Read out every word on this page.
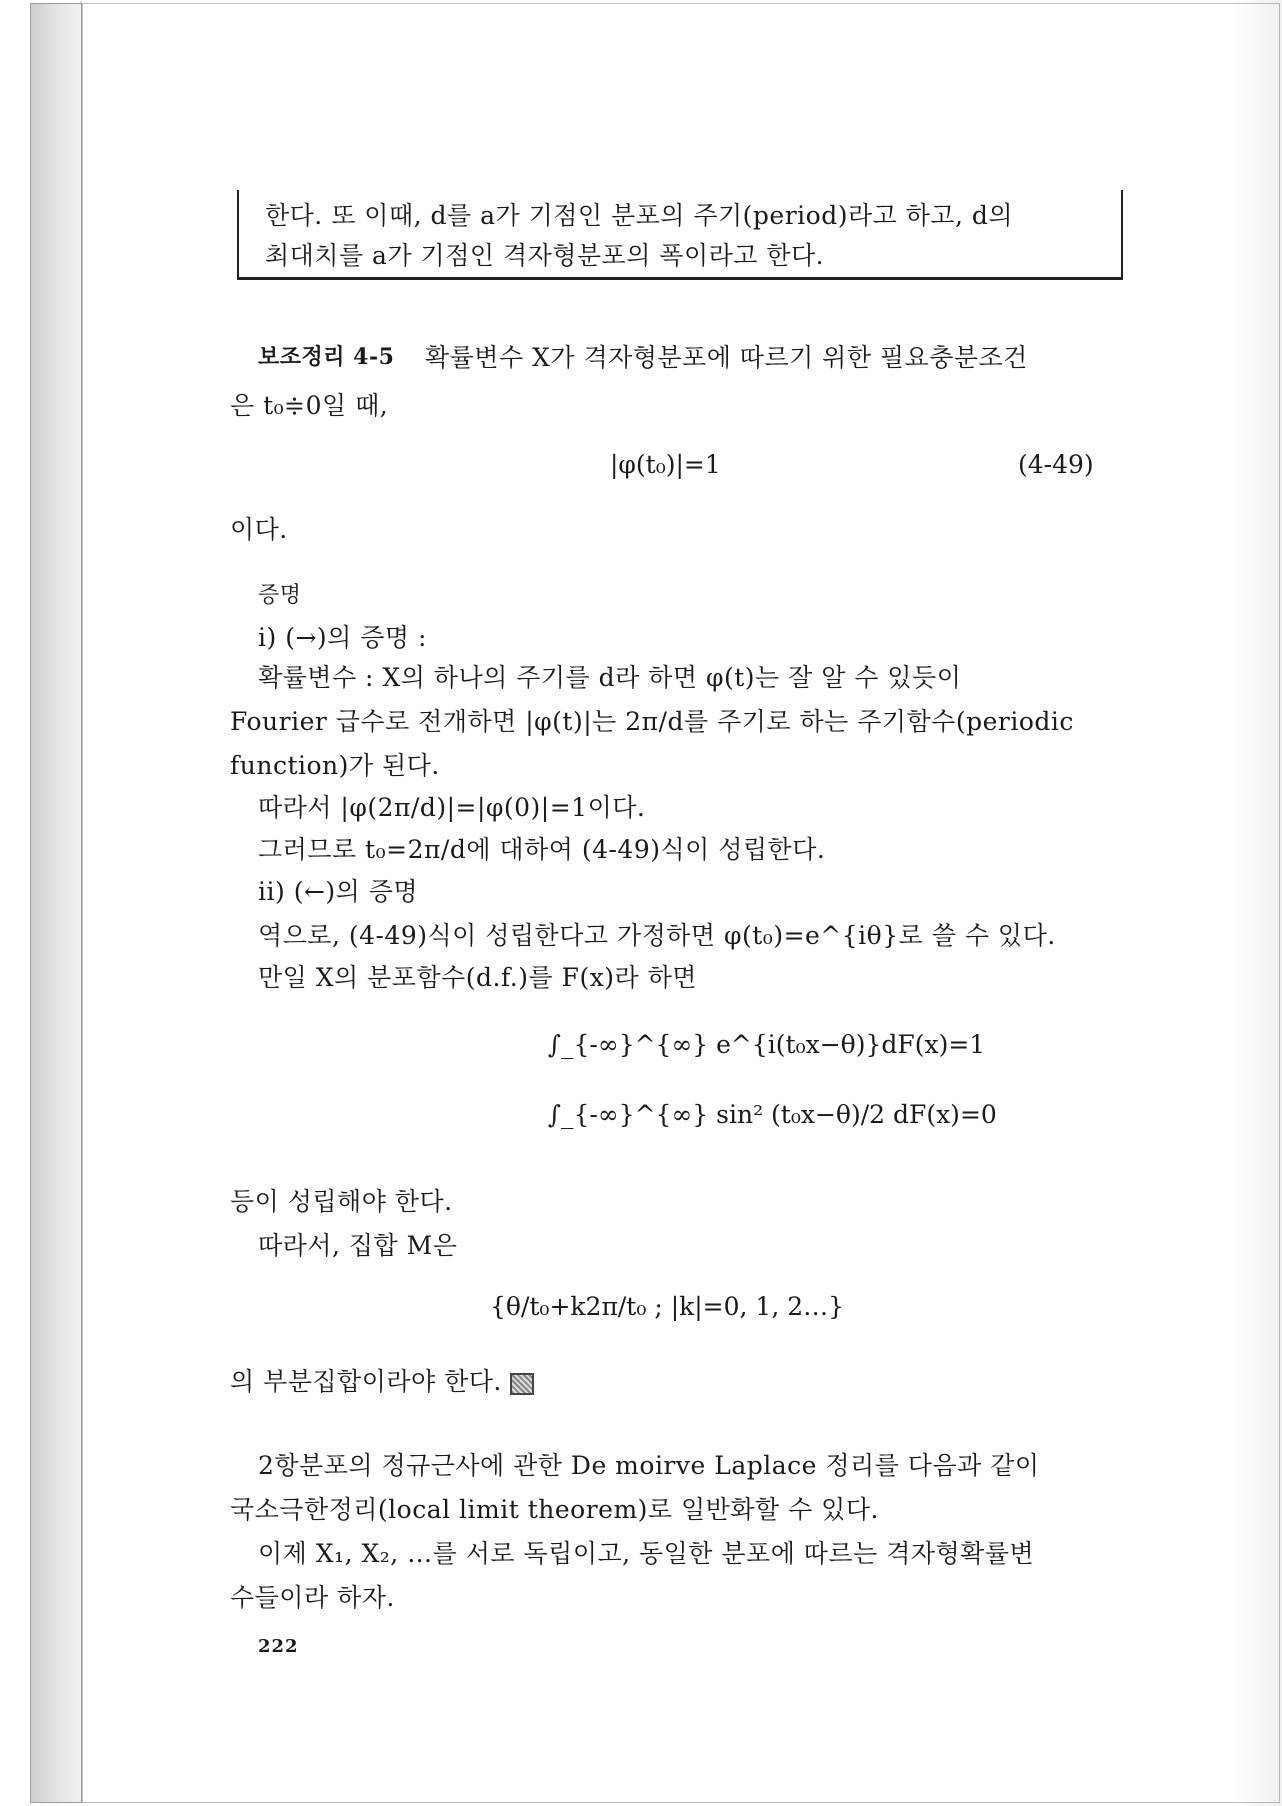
한다. 또 이때, d를 a가 기점인 분포의 주기(period)라고 하고, d의
최대치를 a가 기점인 격자형분포의 폭이라고 한다.
보조정리 4-5 확률변수 X가 격자형분포에 따르기 위한 필요충분조건
은 t₀≑0일 때,
|φ(t₀)|=1	(4-49)
이다.
증명
i) (→)의 증명 :
확률변수 : X의 하나의 주기를 d라 하면 φ(t)는 잘 알 수 있듯이
Fourier 급수로 전개하면 |φ(t)|는 2π/d를 주기로 하는 주기함수(periodic
function)가 된다.
따라서 |φ(2π/d)|=|φ(0)|=1이다.
그러므로 t₀=2π/d에 대하여 (4-49)식이 성립한다.
ii) (←)의 증명
역으로, (4-49)식이 성립한다고 가정하면 φ(t₀)=e^{iθ}로 쓸 수 있다.
만일 X의 분포함수(d.f.)를 F(x)라 하면
∫_{-∞}^{∞} e^{i(t₀x−θ)}dF(x)=1
∫_{-∞}^{∞} sin² (t₀x−θ)/2 dF(x)=0
등이 성립해야 한다.
따라서, 집합 M은
{θ/t₀+k2π/t₀ ; |k|=0, 1, 2…}
의 부분집합이라야 한다.
2항분포의 정규근사에 관한 De moirve Laplace 정리를 다음과 같이
국소극한정리(local limit theorem)로 일반화할 수 있다.
이제 X₁, X₂, …를 서로 독립이고, 동일한 분포에 따르는 격자형확률변
수들이라 하자.
222
